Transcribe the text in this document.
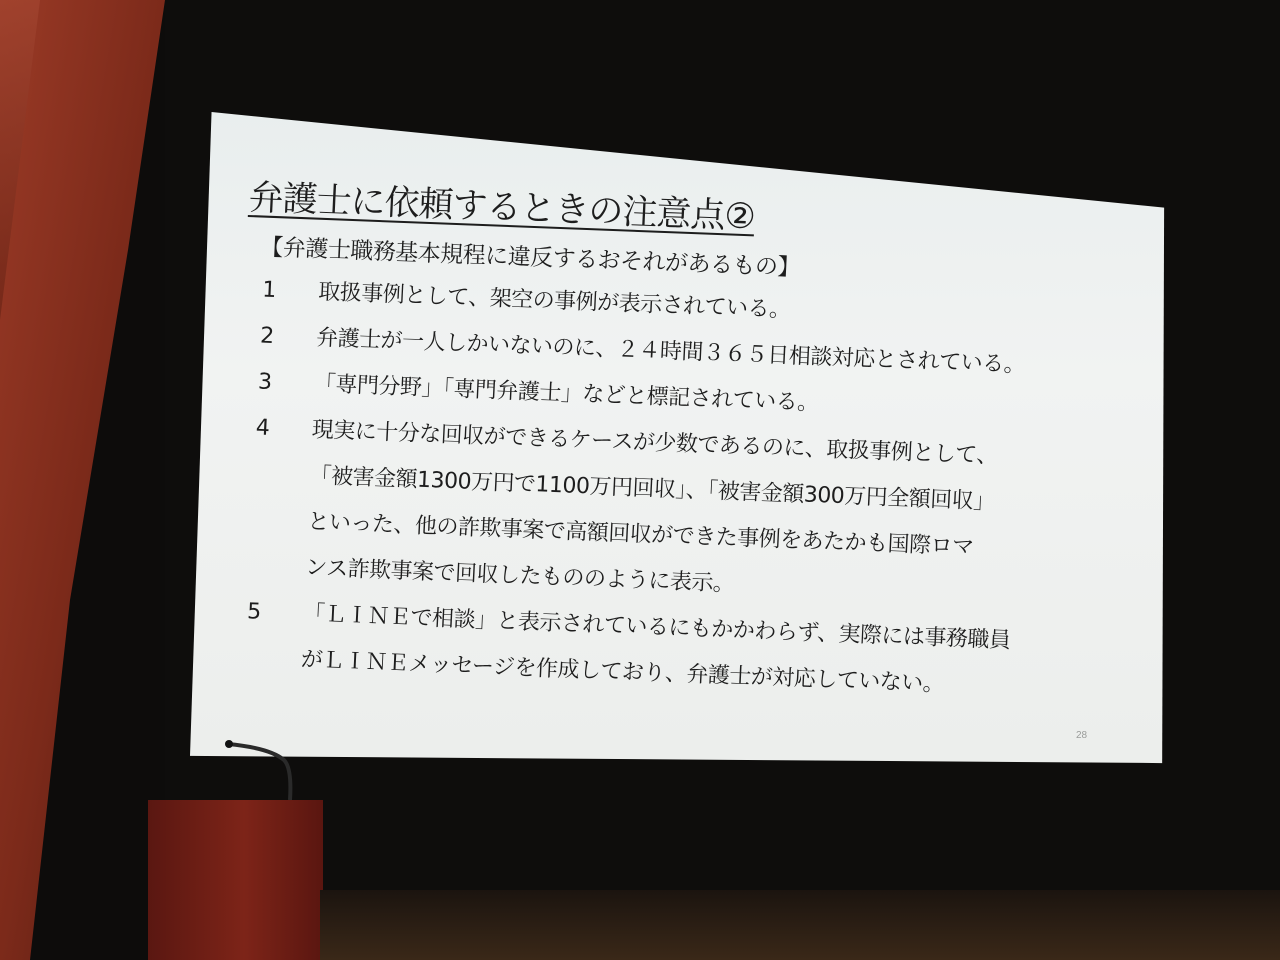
弁護士に依頼するときの注意点②
【弁護士職務基本規程に違反するおそれがあるもの】
1	取扱事例として、架空の事例が表示されている。
2	弁護士が一人しかいないのに、２４時間３６５日相談対応とされている。
3	「専門分野」「専門弁護士」などと標記されている。
4	現実に十分な回収ができるケースが少数であるのに、取扱事例として、
「被害金額1300万円で1100万円回収」、「被害金額300万円全額回収」
といった、他の詐欺事案で高額回収ができた事例をあたかも国際ロマ
ンス詐欺事案で回収したもののように表示。
5	「ＬＩＮＥで相談」と表示されているにもかかわらず、実際には事務職員
がＬＩＮＥメッセージを作成しており、弁護士が対応していない。
28
